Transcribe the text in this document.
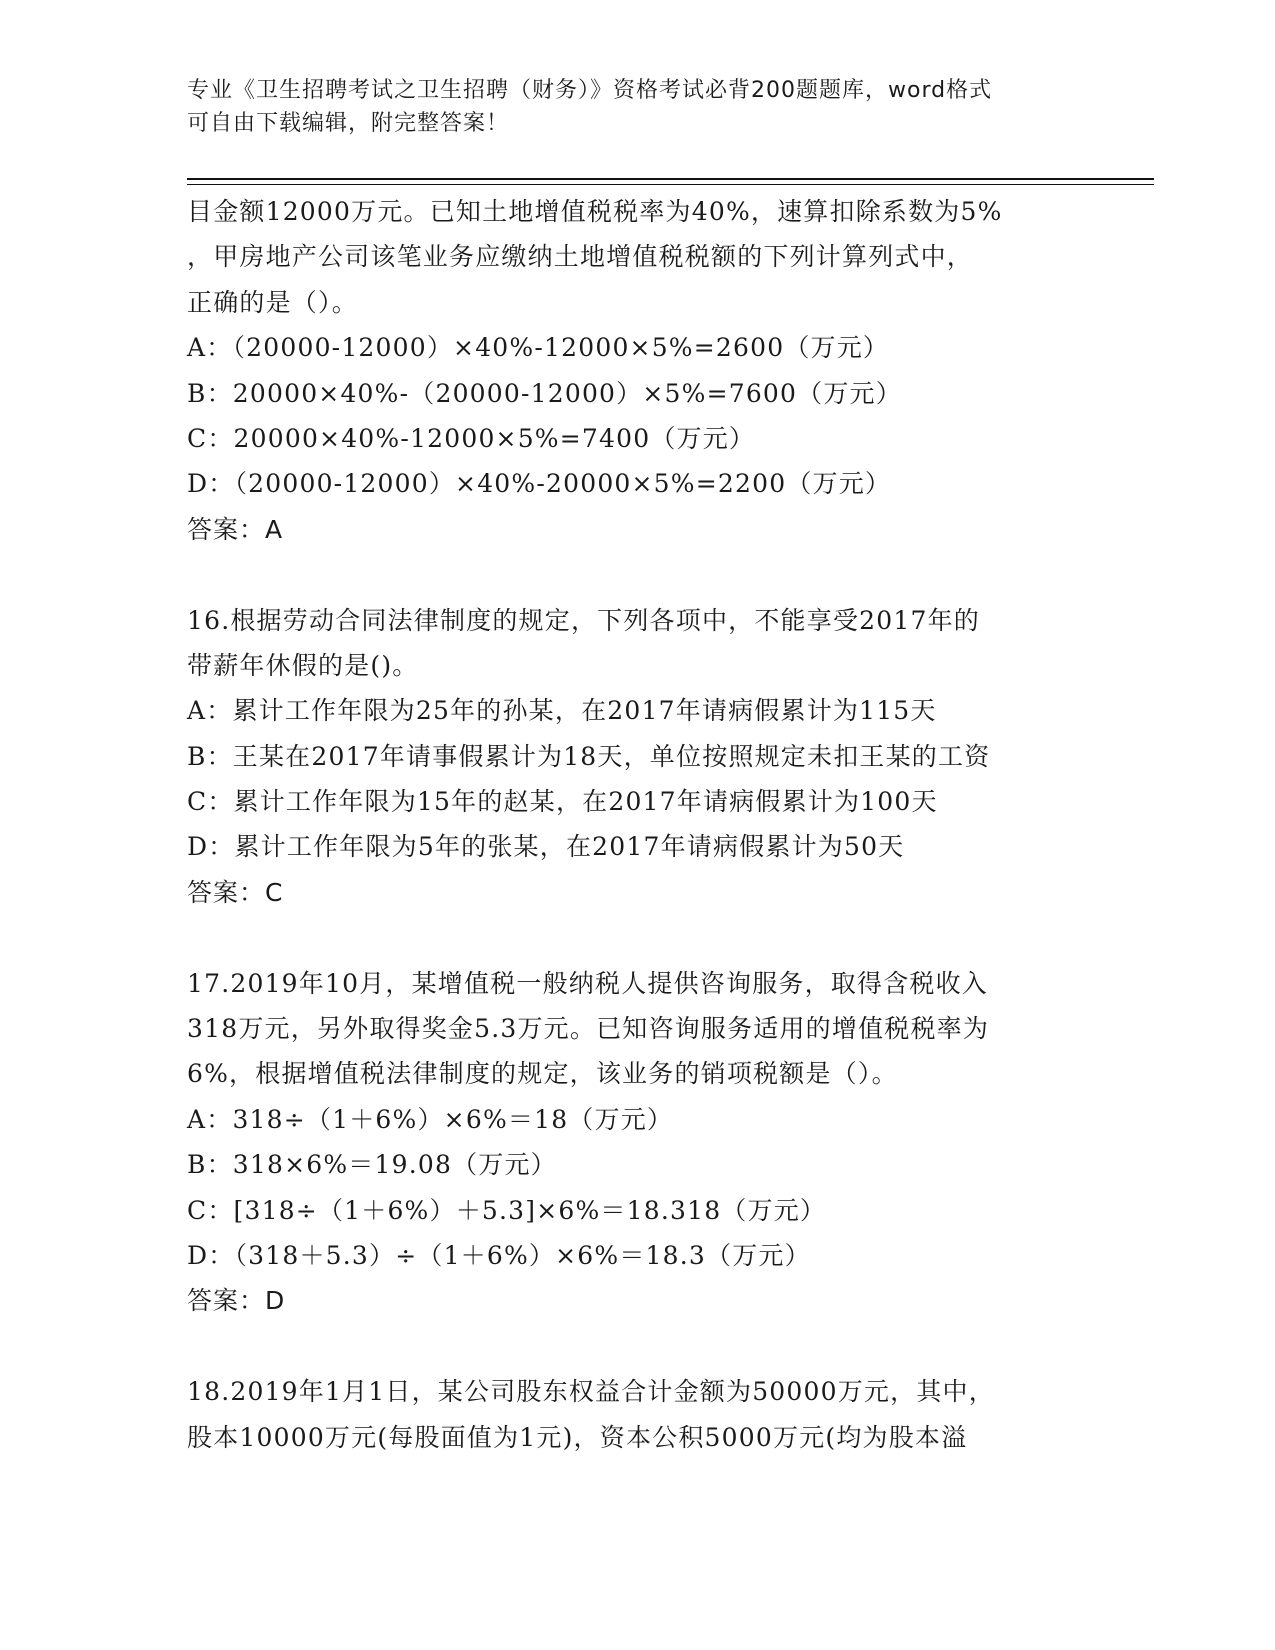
专业《卫生招聘考试之卫生招聘（财务）》资格考试必背200题题库，word格式
可自由下载编辑，附完整答案！
目金额12000万元。已知土地增值税税率为40%，速算扣除系数为5%
，甲房地产公司该笔业务应缴纳土地增值税税额的下列计算列式中，
正确的是（）。
A：（20000-12000）×40%-12000×5%=2600（万元）
B：20000×40%-（20000-12000）×5%=7600（万元）
C：20000×40%-12000×5%=7400（万元）
D：（20000-12000）×40%-20000×5%=2200（万元）
答案：A
16.根据劳动合同法律制度的规定，下列各项中，不能享受2017年的
带薪年休假的是()。
A：累计工作年限为25年的孙某，在2017年请病假累计为115天
B：王某在2017年请事假累计为18天，单位按照规定未扣王某的工资
C：累计工作年限为15年的赵某，在2017年请病假累计为100天
D：累计工作年限为5年的张某，在2017年请病假累计为50天
答案：C
17.2019年10月，某增值税一般纳税人提供咨询服务，取得含税收入
318万元，另外取得奖金5.3万元。已知咨询服务适用的增值税税率为
6%，根据增值税法律制度的规定，该业务的销项税额是（）。
A：318÷（1＋6%）×6%＝18（万元）
B：318×6%＝19.08（万元）
C：[318÷（1＋6%）＋5.3]×6%＝18.318（万元）
D：（318＋5.3）÷（1＋6%）×6%＝18.3（万元）
答案：D
18.2019年1月1日，某公司股东权益合计金额为50000万元，其中，
股本10000万元(每股面值为1元)，资本公积5000万元(均为股本溢
